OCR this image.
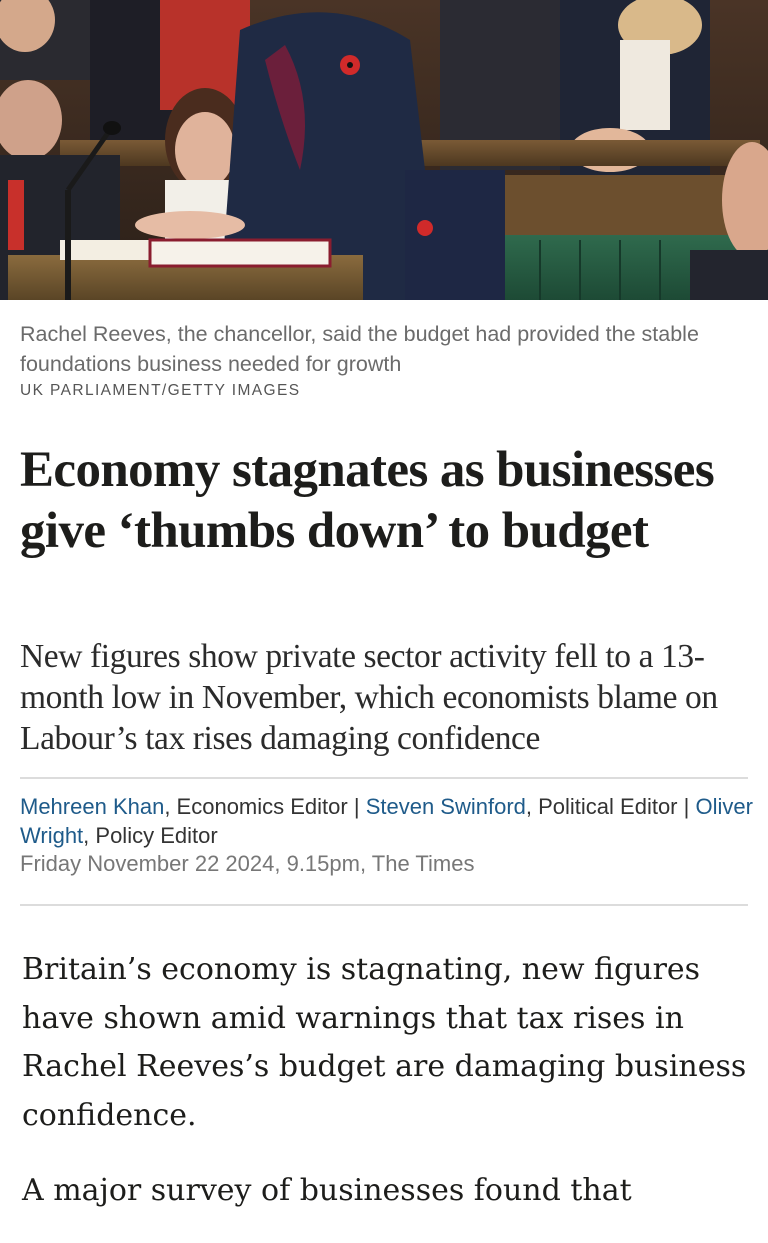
Rachel Reeves, the chancellor, said the budget had provided the stable foundations business needed for growth

UK PARLIAMENT/GETTY IMAGES
Economy stagnates as businesses give ‘thumbs down’ to budget

New figures show private sector activity fell to a 13-month low in November, which economists blame on Labour’s tax rises damaging confidence

Mehreen Khan, Economics Editor | Steven Swinford, Political Editor | Oliver Wright, Policy Editor
Friday November 22 2024, 9.15pm, The Times

Britain’s economy is stagnating, new figures have shown amid warnings that tax rises in Rachel Reeves’s budget are damaging business confidence.

A major survey of businesses found that
